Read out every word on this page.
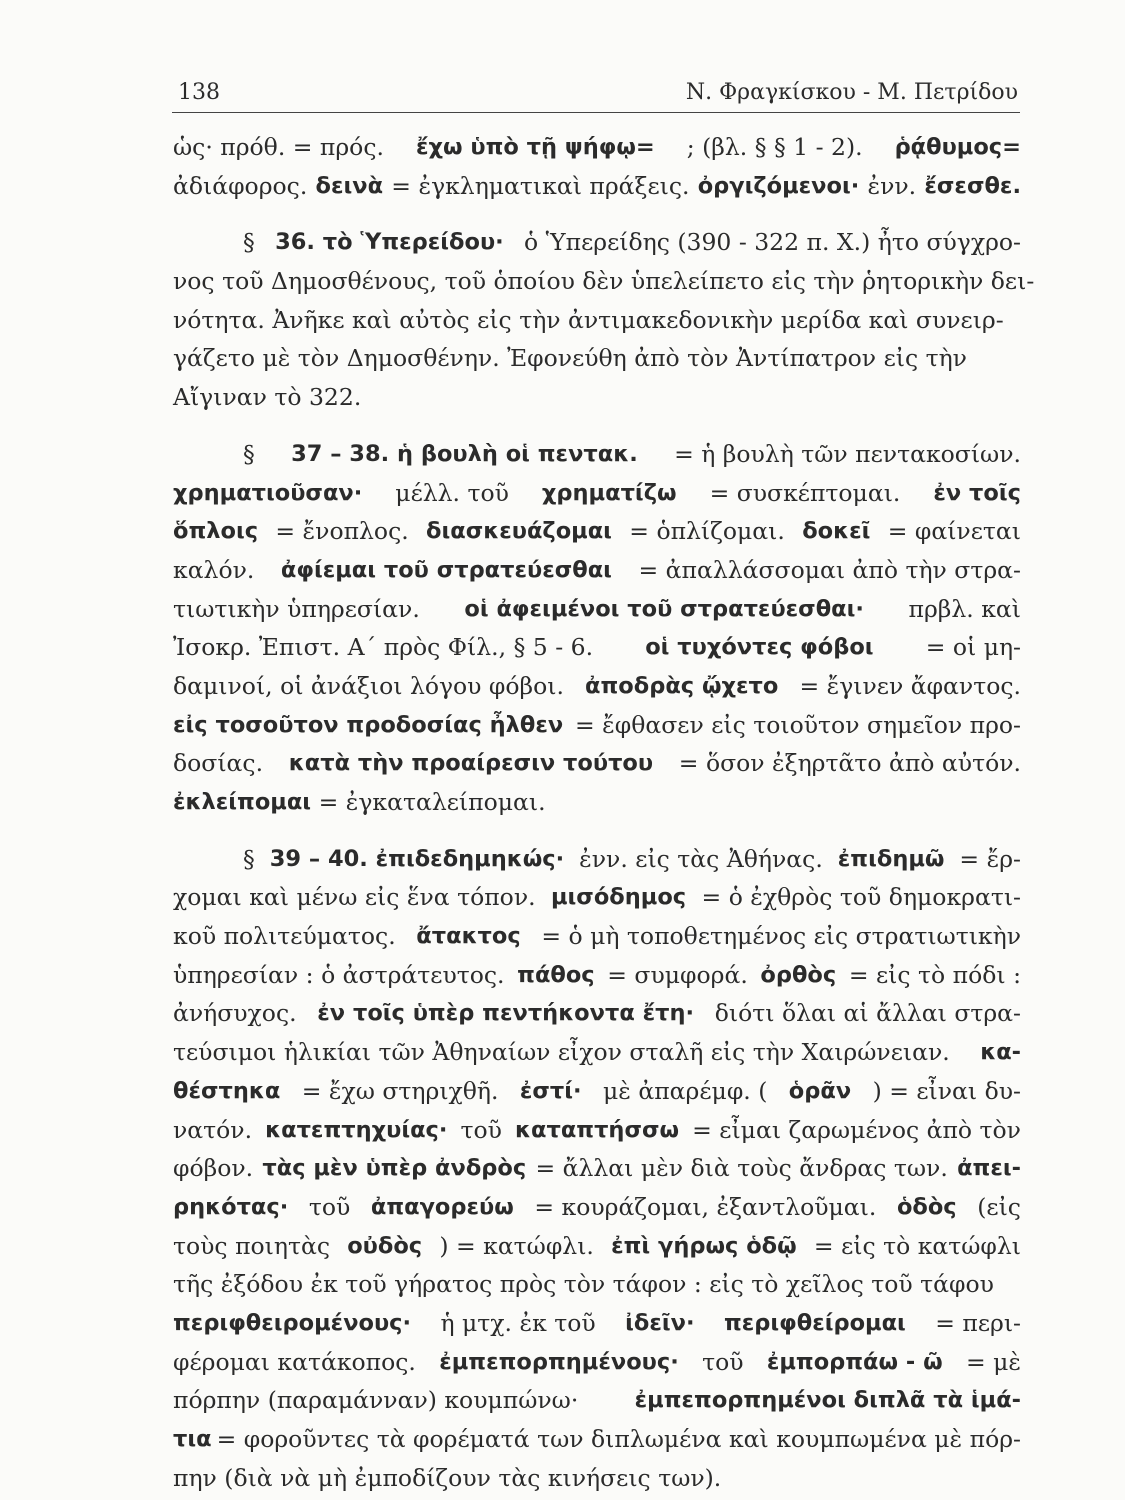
138	Ν. Φραγκίσκου - Μ. Πετρίδου
ὡς· πρόθ. = πρός. ἔχω ὑπὸ τῇ ψήφῳ= ; (βλ. § § 1 - 2). ῥᾴθυμος=
ἀδιάφορος. δεινὰ = ἐγκληματικαὶ πράξεις. ὀργιζόμενοι· ἐνν. ἔσεσθε.
§ 36. τὸ Ὑπερείδου· ὁ Ὑπερείδης (390 - 322 π. Χ.) ἦτο σύγχρο-
νος τοῦ Δημοσθένους, τοῦ ὁποίου δὲν ὑπελείπετο εἰς τὴν ῥητορικὴν δει-
νότητα. Ἀνῆκε καὶ αὐτὸς εἰς τὴν ἀντιμακεδονικὴν μερίδα καὶ συνειρ-
γάζετο μὲ τὸν Δημοσθένην. Ἐφονεύθη ἀπὸ τὸν Ἀντίπατρον εἰς τὴν
Αἴγιναν τὸ 322.
§ 37 – 38. ἡ βουλὴ οἱ πεντακ. = ἡ βουλὴ τῶν πεντακοσίων.
χρηματιοῦσαν· μέλλ. τοῦ χρηματίζω = συσκέπτομαι. ἐν τοῖς
ὅπλοις = ἔνοπλος. διασκευάζομαι = ὁπλίζομαι. δοκεῖ = φαίνεται
καλόν. ἀφίεμαι τοῦ στρατεύεσθαι = ἀπαλλάσσομαι ἀπὸ τὴν στρα-
τιωτικὴν ὑπηρεσίαν. οἱ ἀφειμένοι τοῦ στρατεύεσθαι· πρβλ. καὶ
Ἰσοκρ. Ἐπιστ. Α΄ πρὸς Φίλ., § 5 - 6. οἱ τυχόντες φόβοι = οἱ μη-
δαμινοί, οἱ ἀνάξιοι λόγου φόβοι. ἀποδρὰς ᾤχετο = ἔγινεν ἄφαντος.
εἰς τοσοῦτον προδοσίας ἦλθεν = ἔφθασεν εἰς τοιοῦτον σημεῖον προ-
δοσίας. κατὰ τὴν προαίρεσιν τούτου = ὅσον ἐξηρτᾶτο ἀπὸ αὐτόν.
ἐκλείπομαι = ἐγκαταλείπομαι.
§ 39 – 40. ἐπιδεδημηκώς· ἐνν. εἰς τὰς Ἀθήνας. ἐπιδημῶ = ἔρ-
χομαι καὶ μένω εἰς ἕνα τόπον. μισόδημος = ὁ ἐχθρὸς τοῦ δημοκρατι-
κοῦ πολιτεύματος. ἄτακτος = ὁ μὴ τοποθετημένος εἰς στρατιωτικὴν
ὑπηρεσίαν : ὁ ἀστράτευτος. πάθος = συμφορά. ὀρθὸς = εἰς τὸ πόδι :
ἀνήσυχος. ἐν τοῖς ὑπὲρ πεντήκοντα ἔτη· διότι ὅλαι αἱ ἄλλαι στρα-
τεύσιμοι ἡλικίαι τῶν Ἀθηναίων εἶχον σταλῆ εἰς τὴν Χαιρώνειαν. κα-
θέστηκα = ἔχω στηριχθῆ. ἐστί· μὲ ἀπαρέμφ. ( ὁρᾶν ) = εἶναι δυ-
νατόν. κατεπτηχυίας· τοῦ καταπτήσσω = εἶμαι ζαρωμένος ἀπὸ τὸν
φόβον. τὰς μὲν ὑπὲρ ἀνδρὸς = ἄλλαι μὲν διὰ τοὺς ἄνδρας των. ἀπει-
ρηκότας· τοῦ ἀπαγορεύω = κουράζομαι, ἐξαντλοῦμαι. ὁδὸς (εἰς
τοὺς ποιητὰς οὐδὸς ) = κατώφλι. ἐπὶ γήρως ὁδῷ = εἰς τὸ κατώφλι
τῆς ἐξόδου ἐκ τοῦ γήρατος πρὸς τὸν τάφον : εἰς τὸ χεῖλος τοῦ τάφου
περιφθειρομένους· ἡ μτχ. ἐκ τοῦ ἰδεῖν· περιφθείρομαι = περι-
φέρομαι κατάκοπος. ἐμπεπορπημένους· τοῦ ἐμπορπάω - ῶ = μὲ
πόρπην (παραμάνναν) κουμπώνω·	ἐμπεπορπημένοι διπλᾶ τὰ ἱμά-
τια = φοροῦντες τὰ φορέματά των διπλωμένα καὶ κουμπωμένα μὲ πόρ-
πην (διὰ νὰ μὴ ἐμποδίζουν τὰς κινήσεις των).
